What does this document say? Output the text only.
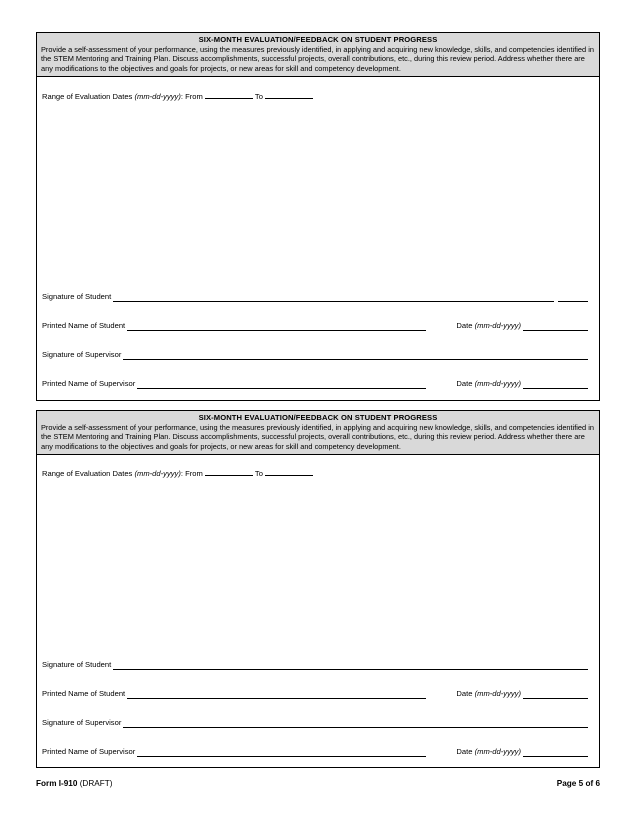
SIX-MONTH EVALUATION/FEEDBACK ON STUDENT PROGRESS
Provide a self-assessment of your performance, using the measures previously identified, in applying and acquiring new knowledge, skills, and competencies identified in the STEM Mentoring and Training Plan. Discuss accomplishments, successful projects, overall contributions, etc., during this review period. Address whether there are any modifications to the objectives and goals for projects, or new areas for skill and competency development.
Range of Evaluation Dates (mm-dd-yyyy): From	To
Signature of Student
Printed Name of Student	Date
(mm-dd-yyyy)
Signature of Supervisor
Printed Name of Supervisor	Date
(mm-dd-yyyy)
SIX-MONTH EVALUATION/FEEDBACK ON STUDENT PROGRESS
Provide a self-assessment of your performance, using the measures previously identified, in applying and acquiring new knowledge, skills, and competencies identified in the STEM Mentoring and Training Plan. Discuss accomplishments, successful projects, overall contributions, etc., during this review period. Address whether there are any modifications to the objectives and goals for projects, or new areas for skill and competency development.
Range of Evaluation Dates (mm-dd-yyyy): From	To
Signature of Student
Printed Name of Student	Date
(mm-dd-yyyy)
Signature of Supervisor
Printed Name of Supervisor	Date
(mm-dd-yyyy)
Form I-910 (DRAFT)	Page 5 of 6
